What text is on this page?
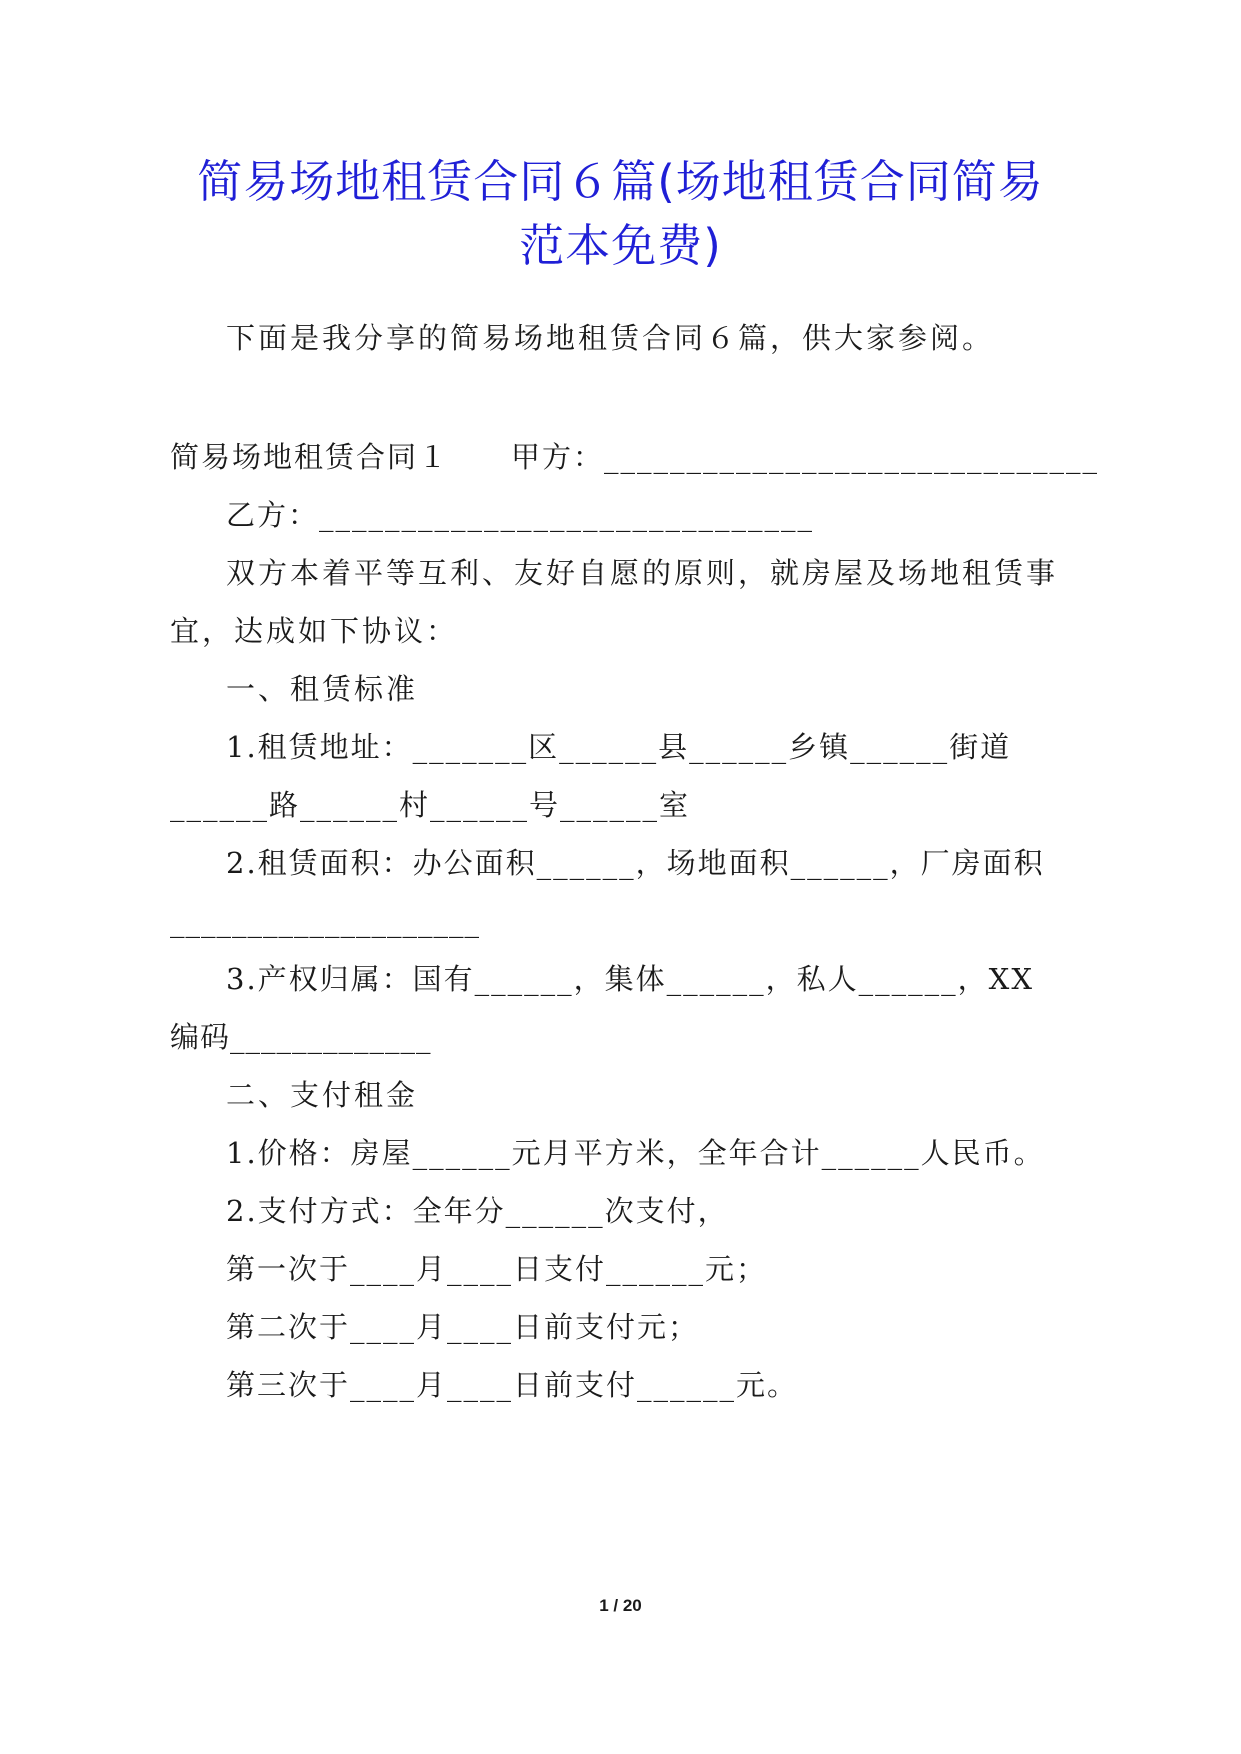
简易场地租赁合同６篇(场地租赁合同简易
范本免费)

下面是我分享的简易场地租赁合同６篇，供大家参阅。

简易场地租赁合同１　　甲方：______________________________

乙方：______________________________

双方本着平等互利、友好自愿的原则，就房屋及场地租赁事

宜，达成如下协议：

一、租赁标准

1.租赁地址：_______区______县______乡镇______街道

______路______村______号______室

2.租赁面积：办公面积______，场地面积______，厂房面积

____________________

3.产权归属：国有______，集体______，私人______，XX

编码_____________

二、支付租金

1.价格：房屋______元月平方米，全年合计______人民币。

2.支付方式：全年分______次支付，

第一次于____月____日支付______元；

第二次于____月____日前支付元；

第三次于____月____日前支付______元。

1 / 20
